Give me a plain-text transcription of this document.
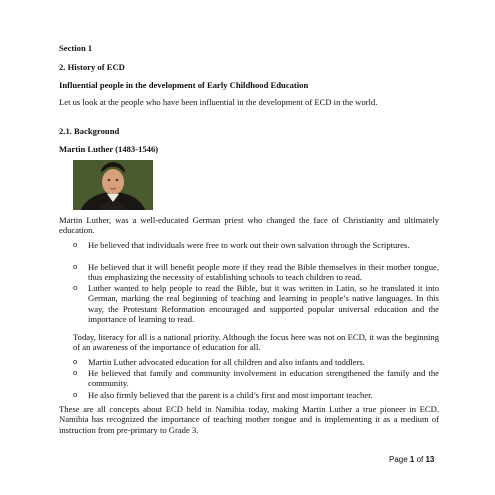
Section 1
2. History of ECD
Influential people in the development of Early Childhood Education
Let us look at the people who have been influential in the development of ECD in the world.
2.1. Background
Martin Luther (1483-1546)
Martin Luther, was a well-educated German priest who changed the face of Christianity and ultimately education.
o He believed that individuals were free to work out their own salvation through the Scriptures.
o He believed that it will benefit people more if they read the Bible themselves in their mother tongue, thus emphasizing the necessity of establishing schools to teach children to read.
o Luther wanted to help people to read the Bible, but it was written in Latin, so he translated it into German, marking the real beginning of teaching and learning in people’s native languages. In this way, the Protestant Reformation encouraged and supported popular universal education and the importance of learning to read.
Today, literacy for all is a national priority. Although the focus here was not on ECD, it was the beginning of an awareness of the importance of education for all.
o Martin Luther advocated education for all children and also infants and toddlers.
o He believed that family and community involvement in education strengthened the family and the community.
o He also firmly believed that the parent is a child’s first and most important teacher.
These are all concepts about ECD held in Namibia today, making Martin Luther a true pioneer in ECD. Namibia has recognized the importance of teaching mother tongue and is implementing it as a medium of instruction from pre-primary to Grade 3.
Page 1 of 13
